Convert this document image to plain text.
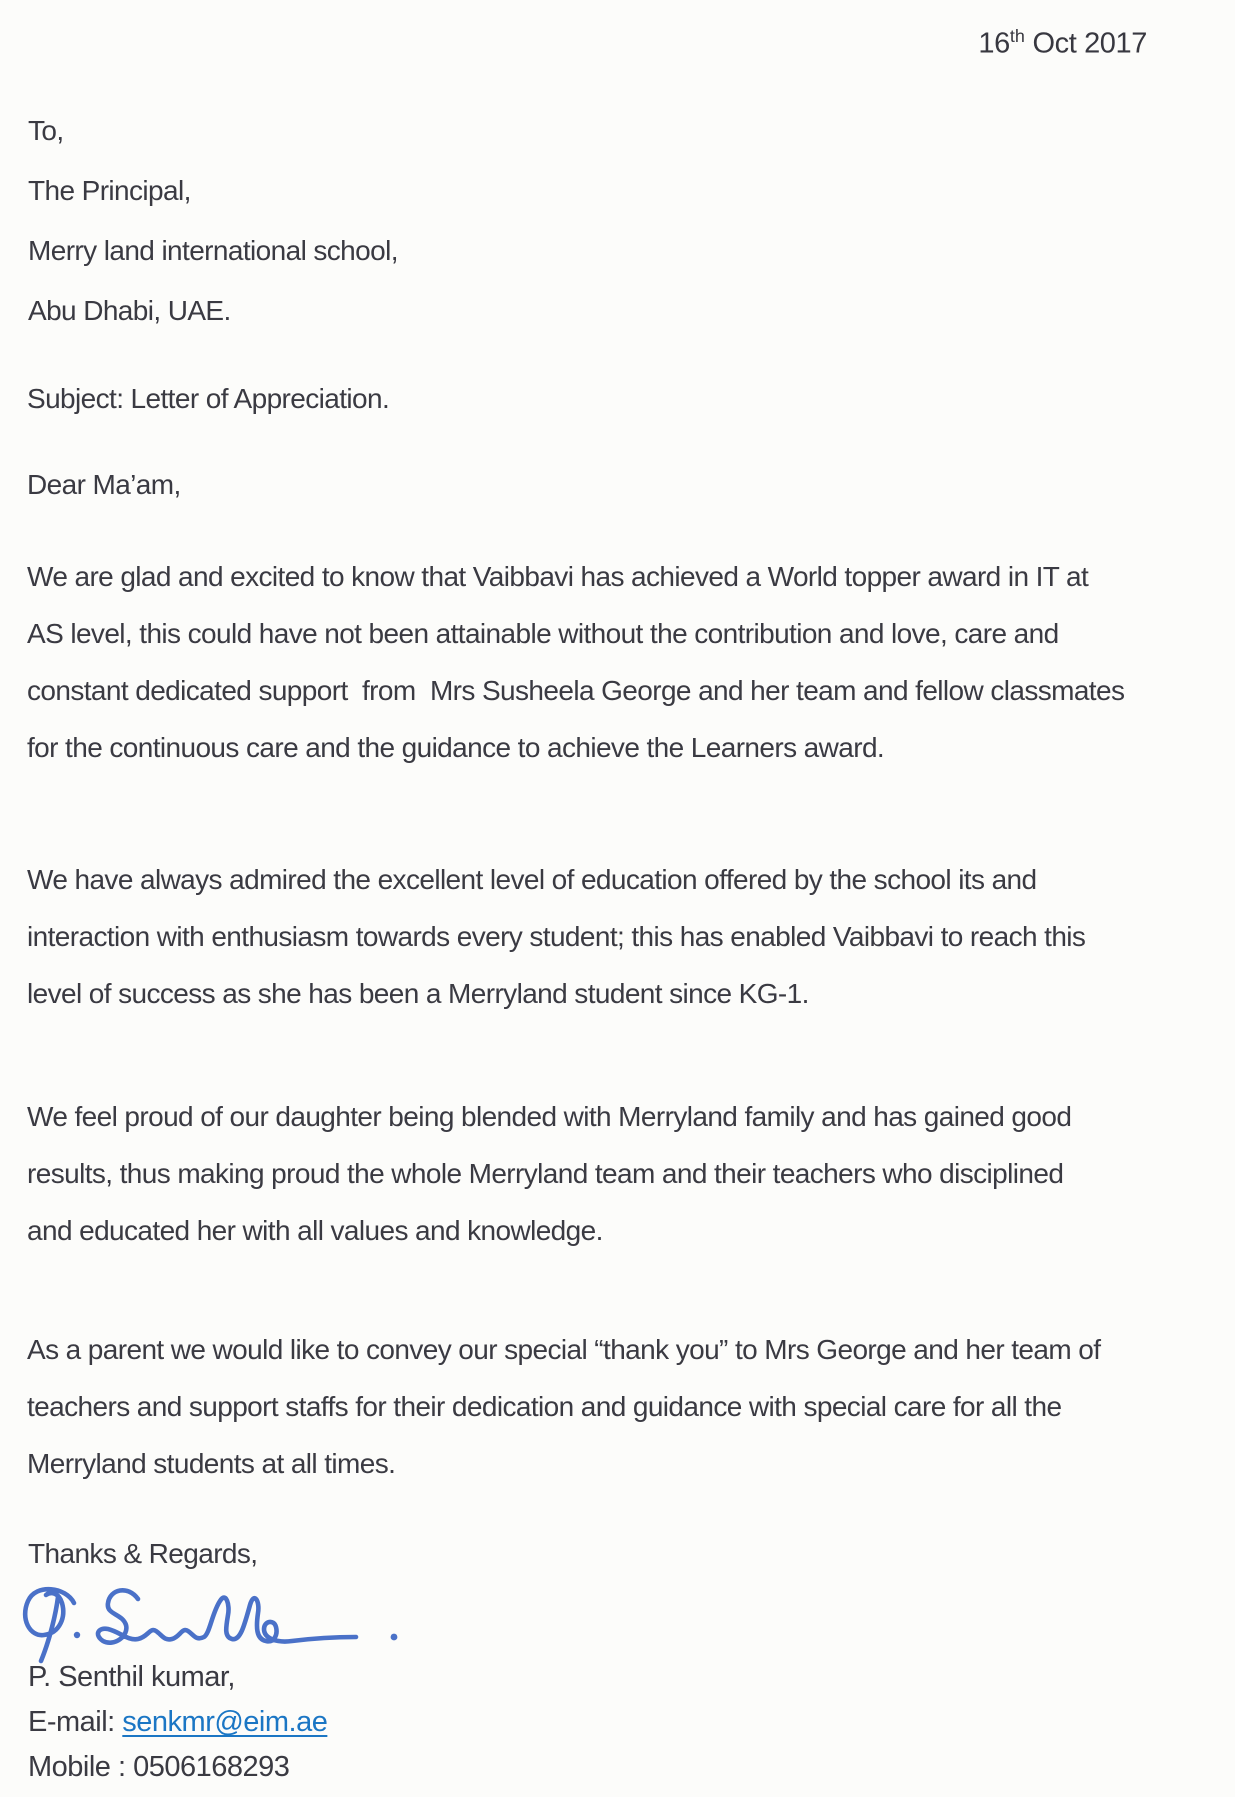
16th Oct 2017
To,
The Principal,
Merry land international school,
Abu Dhabi, UAE.
Subject: Letter of Appreciation.
Dear Ma’am,
We are glad and excited to know that Vaibbavi has achieved a World topper award in IT at
AS level, this could have not been attainable without the contribution and love, care and
constant dedicated support  from  Mrs Susheela George and her team and fellow classmates
for the continuous care and the guidance to achieve the Learners award.
We have always admired the excellent level of education offered by the school its and
interaction with enthusiasm towards every student; this has enabled Vaibbavi to reach this
level of success as she has been a Merryland student since KG-1.
We feel proud of our daughter being blended with Merryland family and has gained good
results, thus making proud the whole Merryland team and their teachers who disciplined
and educated her with all values and knowledge.
As a parent we would like to convey our special “thank you” to Mrs George and her team of
teachers and support staffs for their dedication and guidance with special care for all the
Merryland students at all times.
Thanks & Regards,
P. Senthil kumar,
E-mail: senkmr@eim.ae
Mobile : 0506168293
